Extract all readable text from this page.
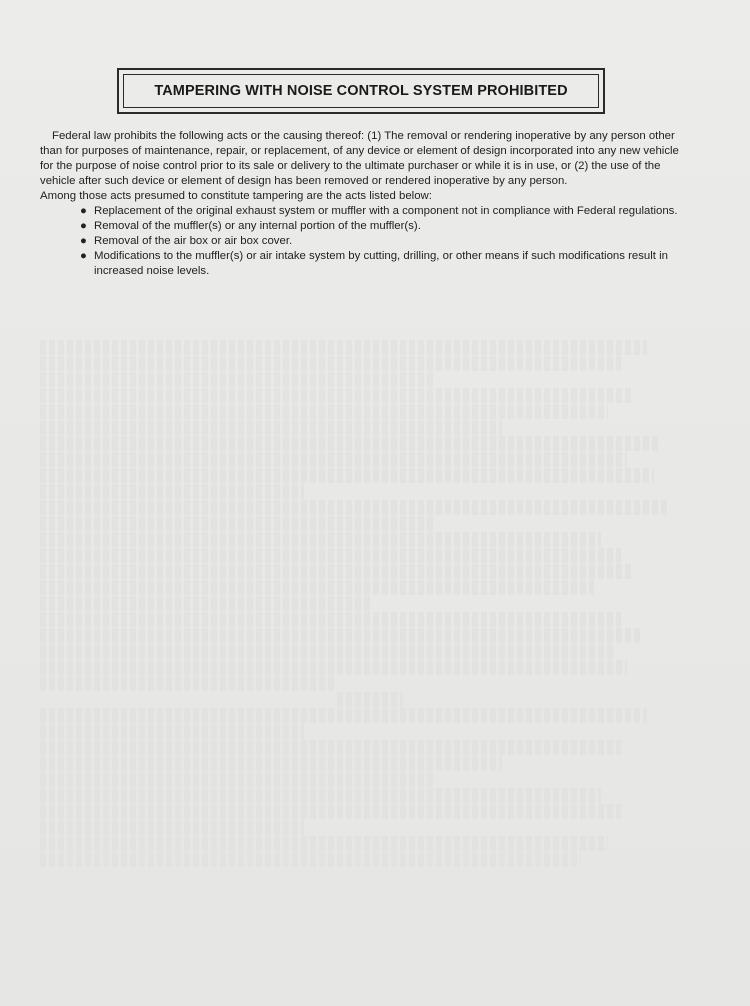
TAMPERING WITH NOISE CONTROL SYSTEM PROHIBITED

Federal law prohibits the following acts or the causing thereof: (1) The removal or rendering inoperative by any person other than for purposes of maintenance, repair, or replacement, of any device or element of design incorporated into any new vehicle for the purpose of noise control prior to its sale or delivery to the ultimate purchaser or while it is in use, or (2) the use of the vehicle after such device or element of design has been removed or rendered inoperative by any person.

Among those acts presumed to constitute tampering are the acts listed below:

● Replacement of the original exhaust system or muffler with a component not in compliance with Federal regulations.
● Removal of the muffler(s) or any internal portion of the muffler(s).
● Removal of the air box or air box cover.
● Modifications to the muffler(s) or air intake system by cutting, drilling, or other means if such modifications result in increased noise levels.
